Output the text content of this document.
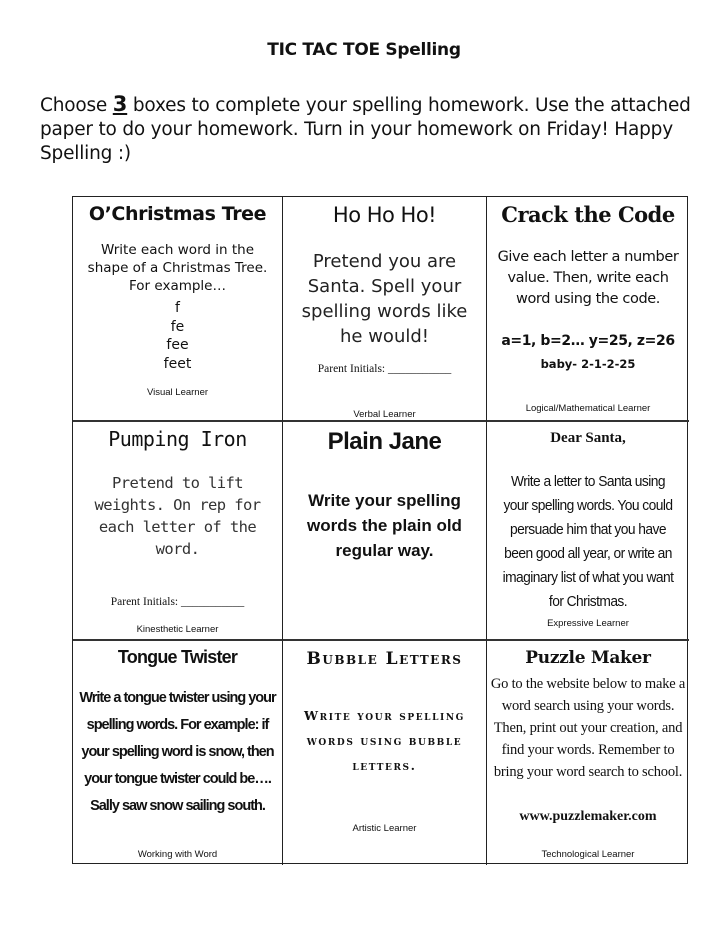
TIC TAC TOE Spelling
Choose 3 boxes to complete your spelling homework. Use the attached paper to do your homework. Turn in your homework on Friday! Happy Spelling :)
O’Christmas Tree
Write each word in the shape of a Christmas Tree. For example…
f
fe
fee
feet
Visual Learner
Ho Ho Ho!
Pretend you are Santa. Spell your spelling words like he would!
Parent Initials: ___________
Verbal Learner
Crack the Code
Give each letter a number value. Then, write each word using the code.
a=1, b=2… y=25, z=26
baby- 2-1-2-25
Logical/Mathematical Learner
Pumping Iron
Pretend to lift weights. On rep for each letter of the word.
Parent Initials: ___________
Kinesthetic Learner
Plain Jane
Write your spelling words the plain old regular way.
Dear Santa,
Write a letter to Santa using your spelling words. You could persuade him that you have been good all year, or write an imaginary list of what you want for Christmas.
Expressive Learner
Tongue Twister
Write a tongue twister using your spelling words. For example: if your spelling word is snow, then your tongue twister could be…. Sally saw snow sailing south.
Working with Word
Bubble Letters
Write your spelling words using bubble letters.
Artistic Learner
Puzzle Maker
Go to the website below to make a word search using your words. Then, print out your creation, and find your words. Remember to bring your word search to school.
www.puzzlemaker.com
Technological Learner
